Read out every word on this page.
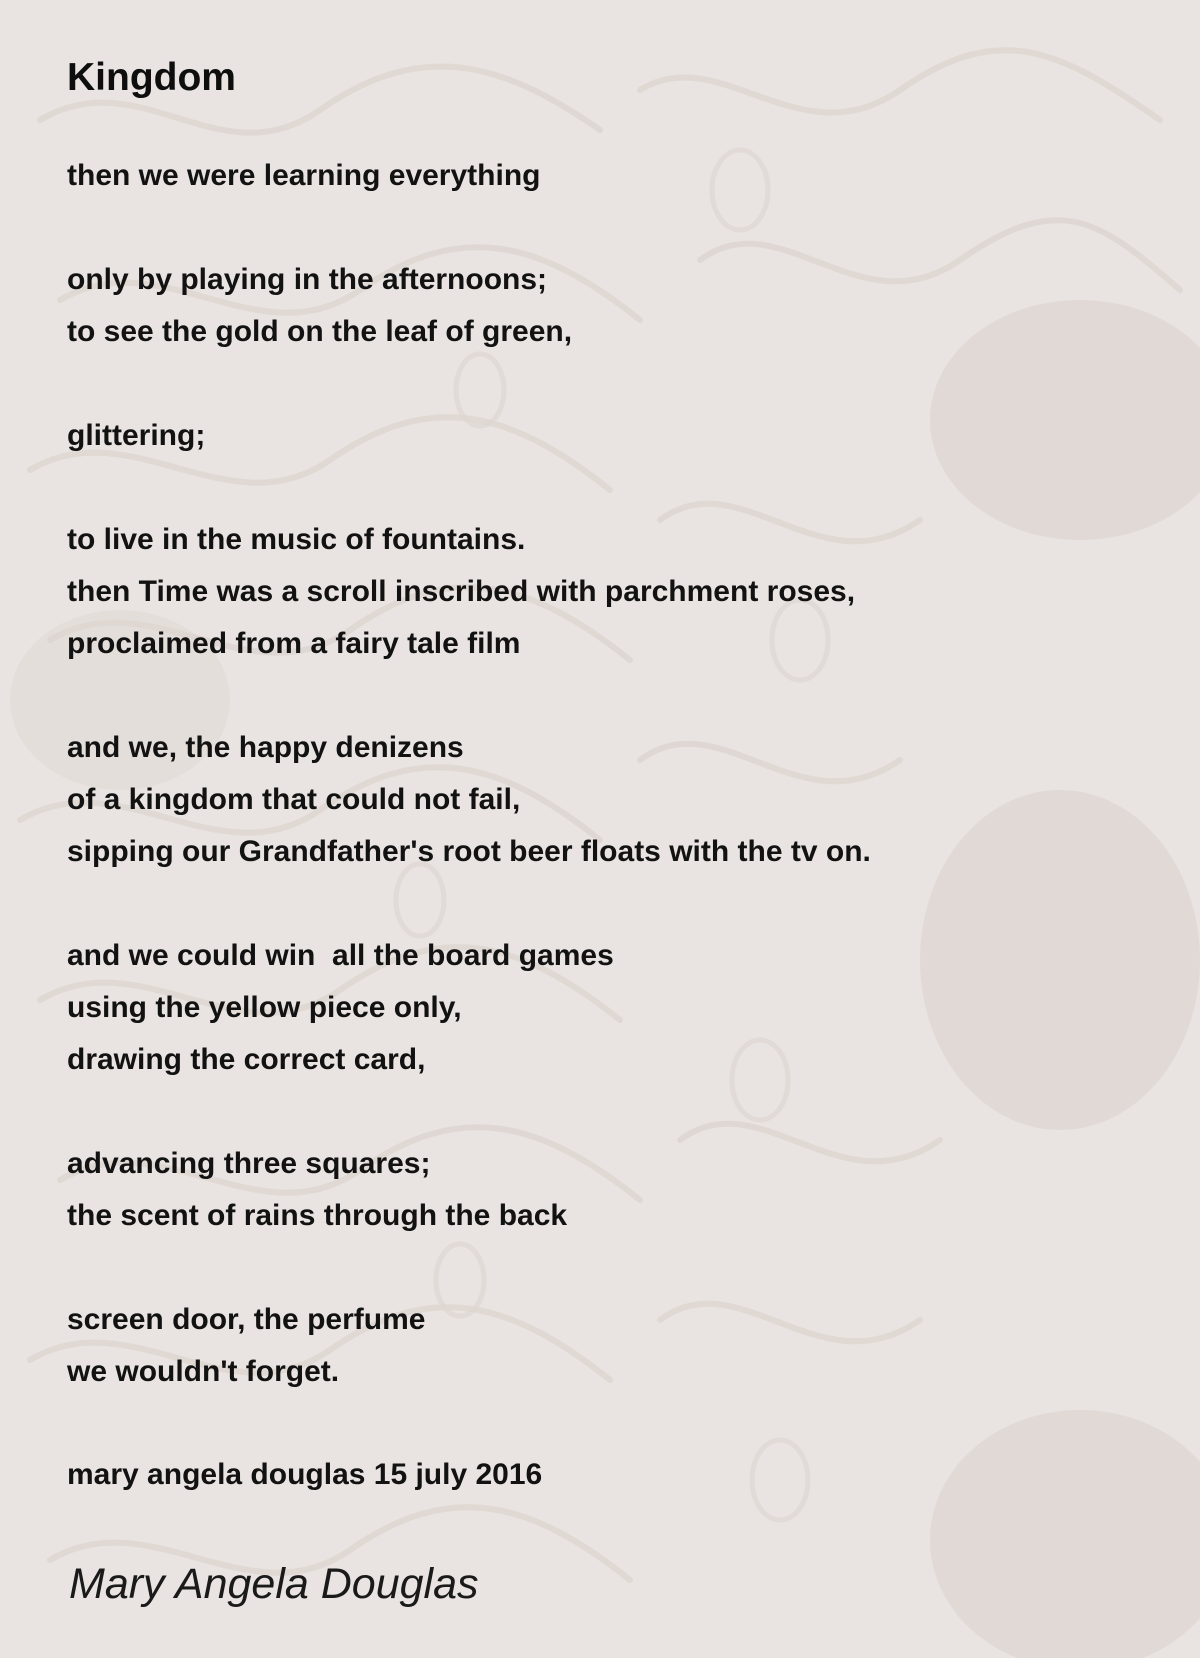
Kingdom
then we were learning everything
only by playing in the afternoons;
to see the gold on the leaf of green,
glittering;
to live in the music of fountains.
then Time was a scroll inscribed with parchment roses,
proclaimed from a fairy tale film
and we, the happy denizens
of a kingdom that could not fail,
sipping our Grandfather's root beer floats with the tv on.
and we could win  all the board games
using the yellow piece only,
drawing the correct card,
advancing three squares;
the scent of rains through the back
screen door, the perfume
we wouldn't forget.

mary angela douglas 15 july 2016

Mary Angela Douglas
